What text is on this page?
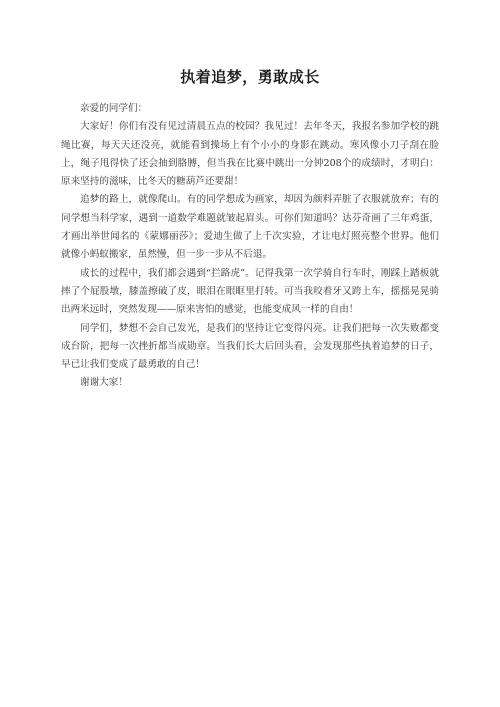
执着追梦，勇敢成长

亲爱的同学们：

大家好！你们有没有见过清晨五点的校园？我见过！去年冬天，我报名参加学校的跳绳比赛，每天天还没亮，就能看到操场上有个小小的身影在跳动。寒风像小刀子刮在脸上，绳子甩得快了还会抽到胳膊，但当我在比赛中跳出一分钟208个的成绩时，才明白：原来坚持的滋味，比冬天的糖葫芦还要甜！

追梦的路上，就像爬山。有的同学想成为画家，却因为颜料弄脏了衣服就放弃；有的同学想当科学家，遇到一道数学难题就皱起眉头。可你们知道吗？达芬奇画了三年鸡蛋，才画出举世闻名的《蒙娜丽莎》；爱迪生做了上千次实验，才让电灯照亮整个世界。他们就像小蚂蚁搬家，虽然慢，但一步一步从不后退。

成长的过程中，我们都会遇到“拦路虎”。记得我第一次学骑自行车时，刚踩上踏板就摔了个屁股墩，膝盖擦破了皮，眼泪在眼眶里打转。可当我咬着牙又跨上车，摇摇晃晃骑出两米远时，突然发现——原来害怕的感觉，也能变成风一样的自由！

同学们，梦想不会自己发光，是我们的坚持让它变得闪亮。让我们把每一次失败都变成台阶，把每一次挫折都当成勋章。当我们长大后回头看，会发现那些执着追梦的日子，早已让我们变成了最勇敢的自己！

谢谢大家！
